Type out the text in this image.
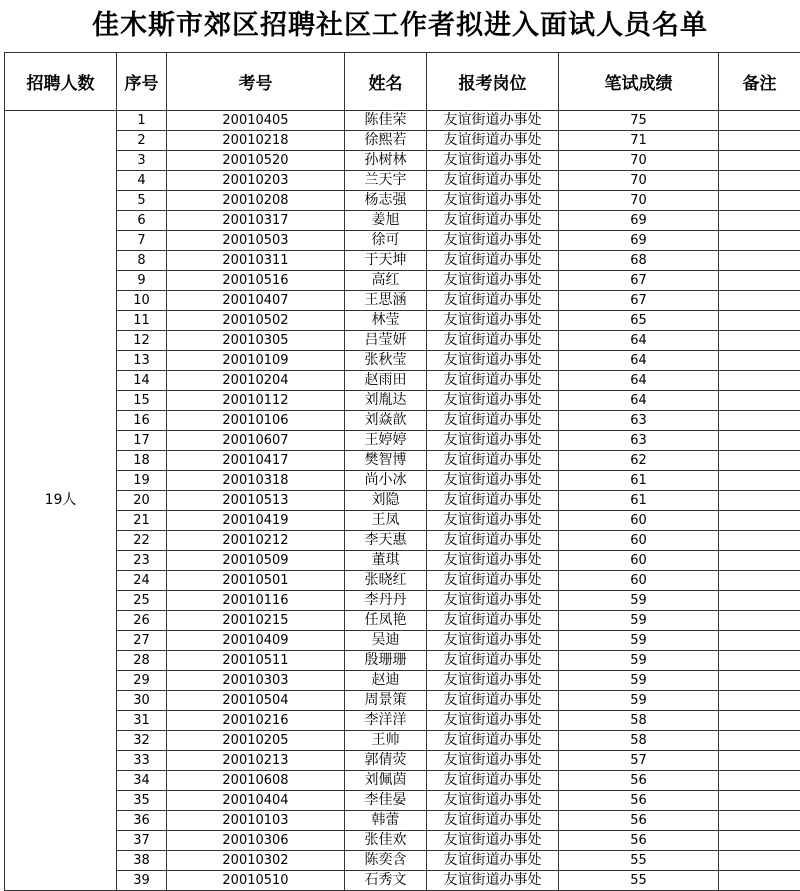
佳木斯市郊区招聘社区工作者拟进入面试人员名单
招聘人数	序号	考号	姓名	报考岗位	笔试成绩	备注
19人	1	20010405	陈佳荣	友谊街道办事处	75	
	2	20010218	徐熙若	友谊街道办事处	71	
	3	20010520	孙树林	友谊街道办事处	70	
	4	20010203	兰天宇	友谊街道办事处	70	
	5	20010208	杨志强	友谊街道办事处	70	
	6	20010317	姜旭	友谊街道办事处	69	
	7	20010503	徐可	友谊街道办事处	69	
	8	20010311	于天坤	友谊街道办事处	68	
	9	20010516	高红	友谊街道办事处	67	
	10	20010407	王思涵	友谊街道办事处	67	
	11	20010502	林莹	友谊街道办事处	65	
	12	20010305	吕莹妍	友谊街道办事处	64	
	13	20010109	张秋莹	友谊街道办事处	64	
	14	20010204	赵雨田	友谊街道办事处	64	
	15	20010112	刘胤达	友谊街道办事处	64	
	16	20010106	刘焱歆	友谊街道办事处	63	
	17	20010607	王婷婷	友谊街道办事处	63	
	18	20010417	樊智博	友谊街道办事处	62	
	19	20010318	尚小冰	友谊街道办事处	61	
	20	20010513	刘隐	友谊街道办事处	61	
	21	20010419	王凤	友谊街道办事处	60	
	22	20010212	李天惠	友谊街道办事处	60	
	23	20010509	董琪	友谊街道办事处	60	
	24	20010501	张晓红	友谊街道办事处	60	
	25	20010116	李丹丹	友谊街道办事处	59	
	26	20010215	任凤艳	友谊街道办事处	59	
	27	20010409	吴迪	友谊街道办事处	59	
	28	20010511	殷珊珊	友谊街道办事处	59	
	29	20010303	赵迪	友谊街道办事处	59	
	30	20010504	周景策	友谊街道办事处	59	
	31	20010216	李洋洋	友谊街道办事处	58	
	32	20010205	王帅	友谊街道办事处	58	
	33	20010213	郭倩荧	友谊街道办事处	57	
	34	20010608	刘佩茵	友谊街道办事处	56	
	35	20010404	李佳晏	友谊街道办事处	56	
	36	20010103	韩蕾	友谊街道办事处	56	
	37	20010306	张佳欢	友谊街道办事处	56	
	38	20010302	陈奕含	友谊街道办事处	55	
	39	20010510	石秀文	友谊街道办事处	55	
